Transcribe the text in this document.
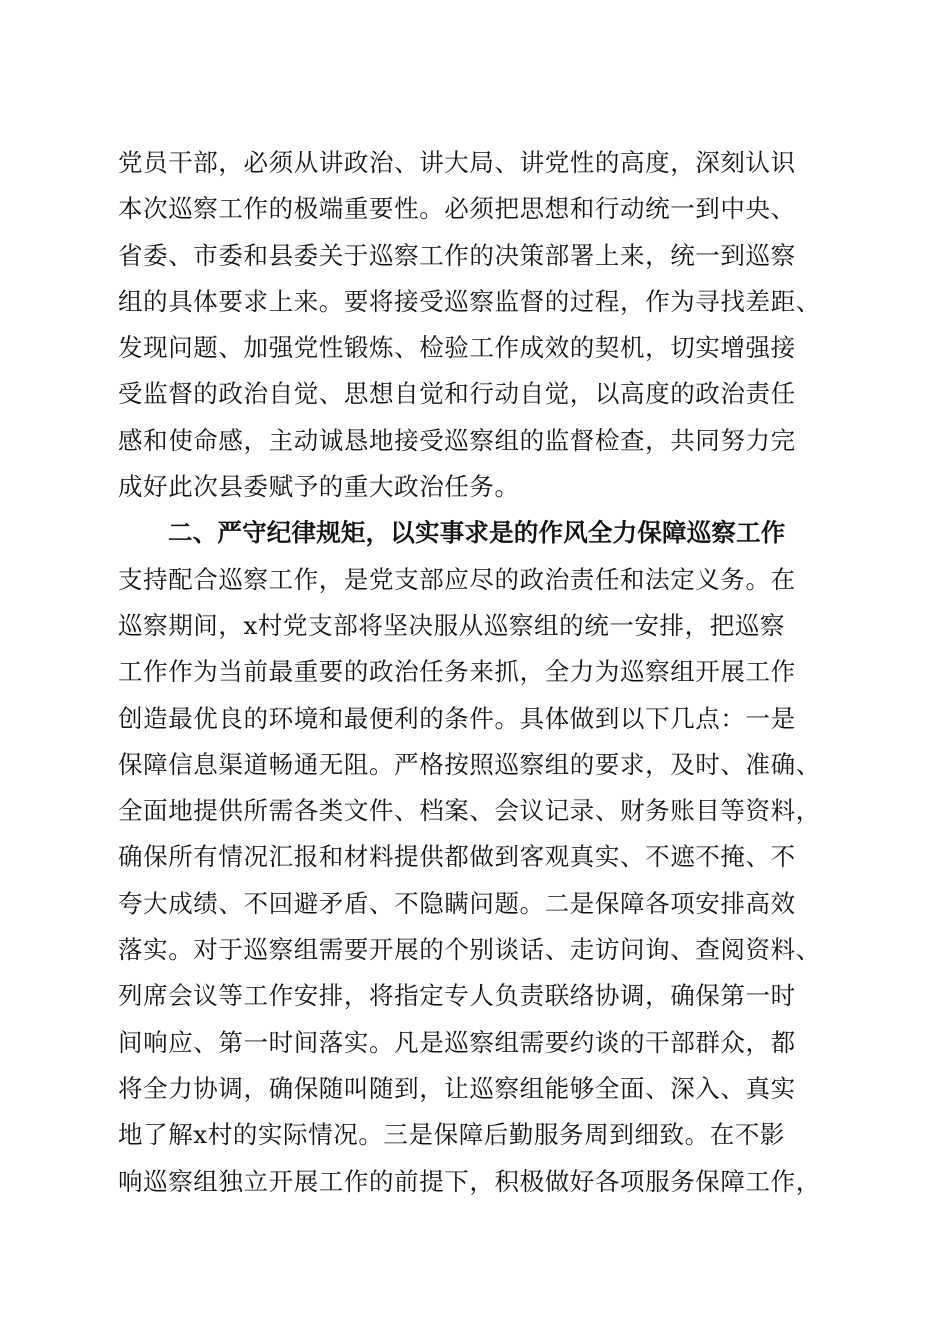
党员干部，必须从讲政治、讲大局、讲党性的高度，深刻认识
本次巡察工作的极端重要性。必须把思想和行动统一到中央、
省委、市委和县委关于巡察工作的决策部署上来，统一到巡察
组的具体要求上来。要将接受巡察监督的过程，作为寻找差距、
发现问题、加强党性锻炼、检验工作成效的契机，切实增强接
受监督的政治自觉、思想自觉和行动自觉，以高度的政治责任
感和使命感，主动诚恳地接受巡察组的监督检查，共同努力完
成好此次县委赋予的重大政治任务。
二、严守纪律规矩，以实事求是的作风全力保障巡察工作
支持配合巡察工作，是党支部应尽的政治责任和法定义务。在
巡察期间，x村党支部将坚决服从巡察组的统一安排，把巡察
工作作为当前最重要的政治任务来抓，全力为巡察组开展工作
创造最优良的环境和最便利的条件。具体做到以下几点：一是
保障信息渠道畅通无阻。严格按照巡察组的要求，及时、准确、
全面地提供所需各类文件、档案、会议记录、财务账目等资料，
确保所有情况汇报和材料提供都做到客观真实、不遮不掩、不
夸大成绩、不回避矛盾、不隐瞒问题。二是保障各项安排高效
落实。对于巡察组需要开展的个别谈话、走访问询、查阅资料、
列席会议等工作安排，将指定专人负责联络协调，确保第一时
间响应、第一时间落实。凡是巡察组需要约谈的干部群众，都
将全力协调，确保随叫随到，让巡察组能够全面、深入、真实
地了解x村的实际情况。三是保障后勤服务周到细致。在不影
响巡察组独立开展工作的前提下，积极做好各项服务保障工作，
